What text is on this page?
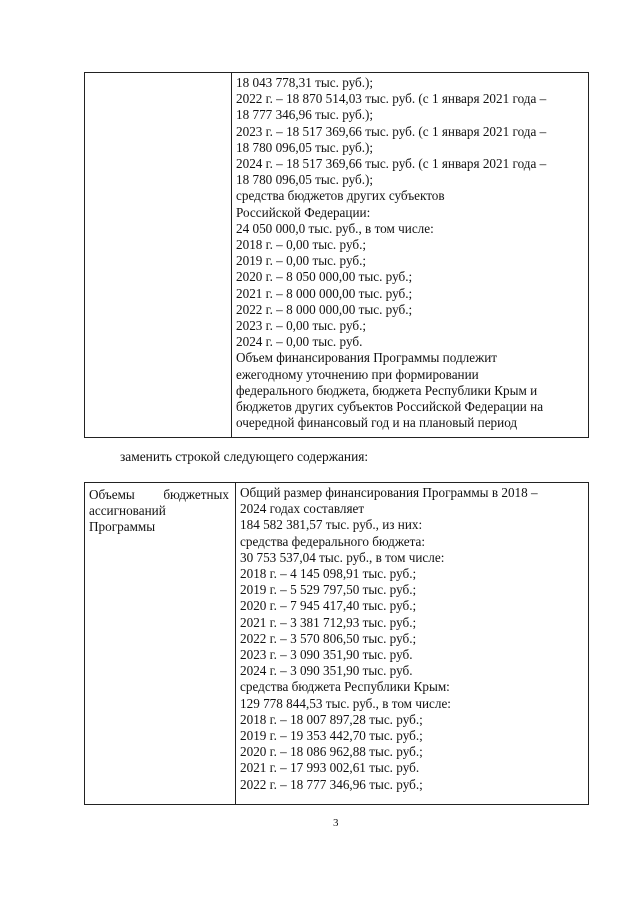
18 043 778,31 тыс. руб.);
2022 г. – 18 870 514,03 тыс. руб. (с 1 января 2021 года –
18 777 346,96 тыс. руб.);
2023 г. – 18 517 369,66 тыс. руб. (с 1 января 2021 года –
18 780 096,05 тыс. руб.);
2024 г. – 18 517 369,66 тыс. руб. (с 1 января 2021 года –
18 780 096,05 тыс. руб.);
средства бюджетов других субъектов
Российской Федерации:
24 050 000,0 тыс. руб., в том числе:
2018 г. – 0,00 тыс. руб.;
2019 г. – 0,00 тыс. руб.;
2020 г. – 8 050 000,00 тыс. руб.;
2021 г. – 8 000 000,00 тыс. руб.;
2022 г. – 8 000 000,00 тыс. руб.;
2023 г. – 0,00 тыс. руб.;
2024 г. – 0,00 тыс. руб.
Объем финансирования Программы подлежит
ежегодному уточнению при формировании
федерального бюджета, бюджета Республики Крым и
бюджетов других субъектов Российской Федерации на
очередной финансовый год и на плановый период
заменить строкой следующего содержания:
Объемы бюджетных
ассигнований
Программы
Общий размер финансирования Программы в 2018 –
2024 годах составляет
184 582 381,57 тыс. руб., из них:
средства федерального бюджета:
30 753 537,04 тыс. руб., в том числе:
2018 г. – 4 145 098,91 тыс. руб.;
2019 г. – 5 529 797,50 тыс. руб.;
2020 г. – 7 945 417,40 тыс. руб.;
2021 г. – 3 381 712,93 тыс. руб.;
2022 г. – 3 570 806,50 тыс. руб.;
2023 г. – 3 090 351,90 тыс. руб.
2024 г. – 3 090 351,90 тыс. руб.
средства бюджета Республики Крым:
129 778 844,53 тыс. руб., в том числе:
2018 г. – 18 007 897,28 тыс. руб.;
2019 г. – 19 353 442,70 тыс. руб.;
2020 г. – 18 086 962,88 тыс. руб.;
2021 г. – 17 993 002,61 тыс. руб.
2022 г. – 18 777 346,96 тыс. руб.;
3
